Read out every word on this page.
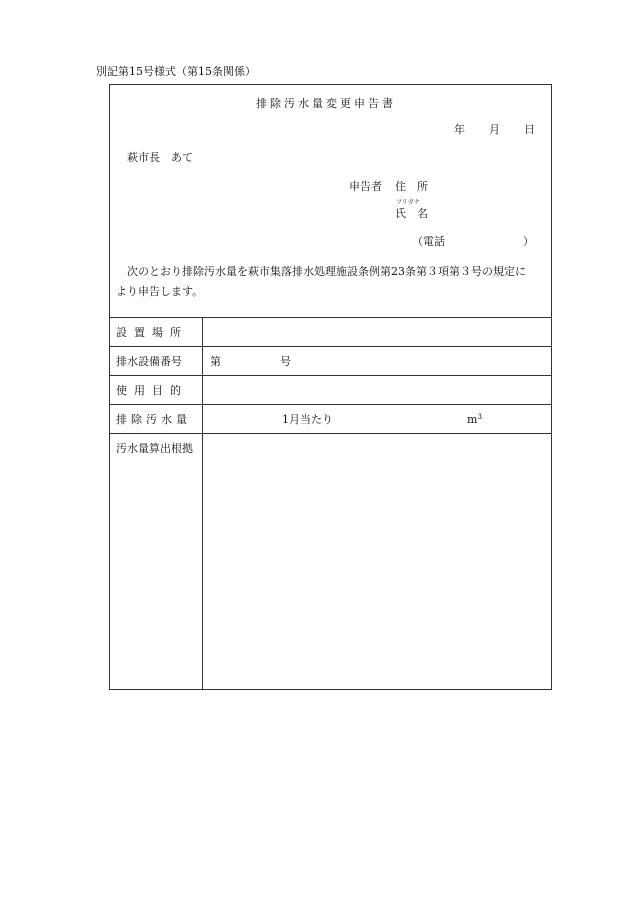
別記第15号様式（第15条関係）
排除汚水量変更申告書
年 月 日
萩市長　あて
申告者 住　所
フリガナ
氏　名
（電話	）
次のとおり排除汚水量を萩市集落排水処理施設条例第23条第３項第３号の規定に
より申告します。
設置場所
排水設備番号	第	号
使用目的
排除汚水量	1月当たり	$m^3$
汚水量算出根拠
